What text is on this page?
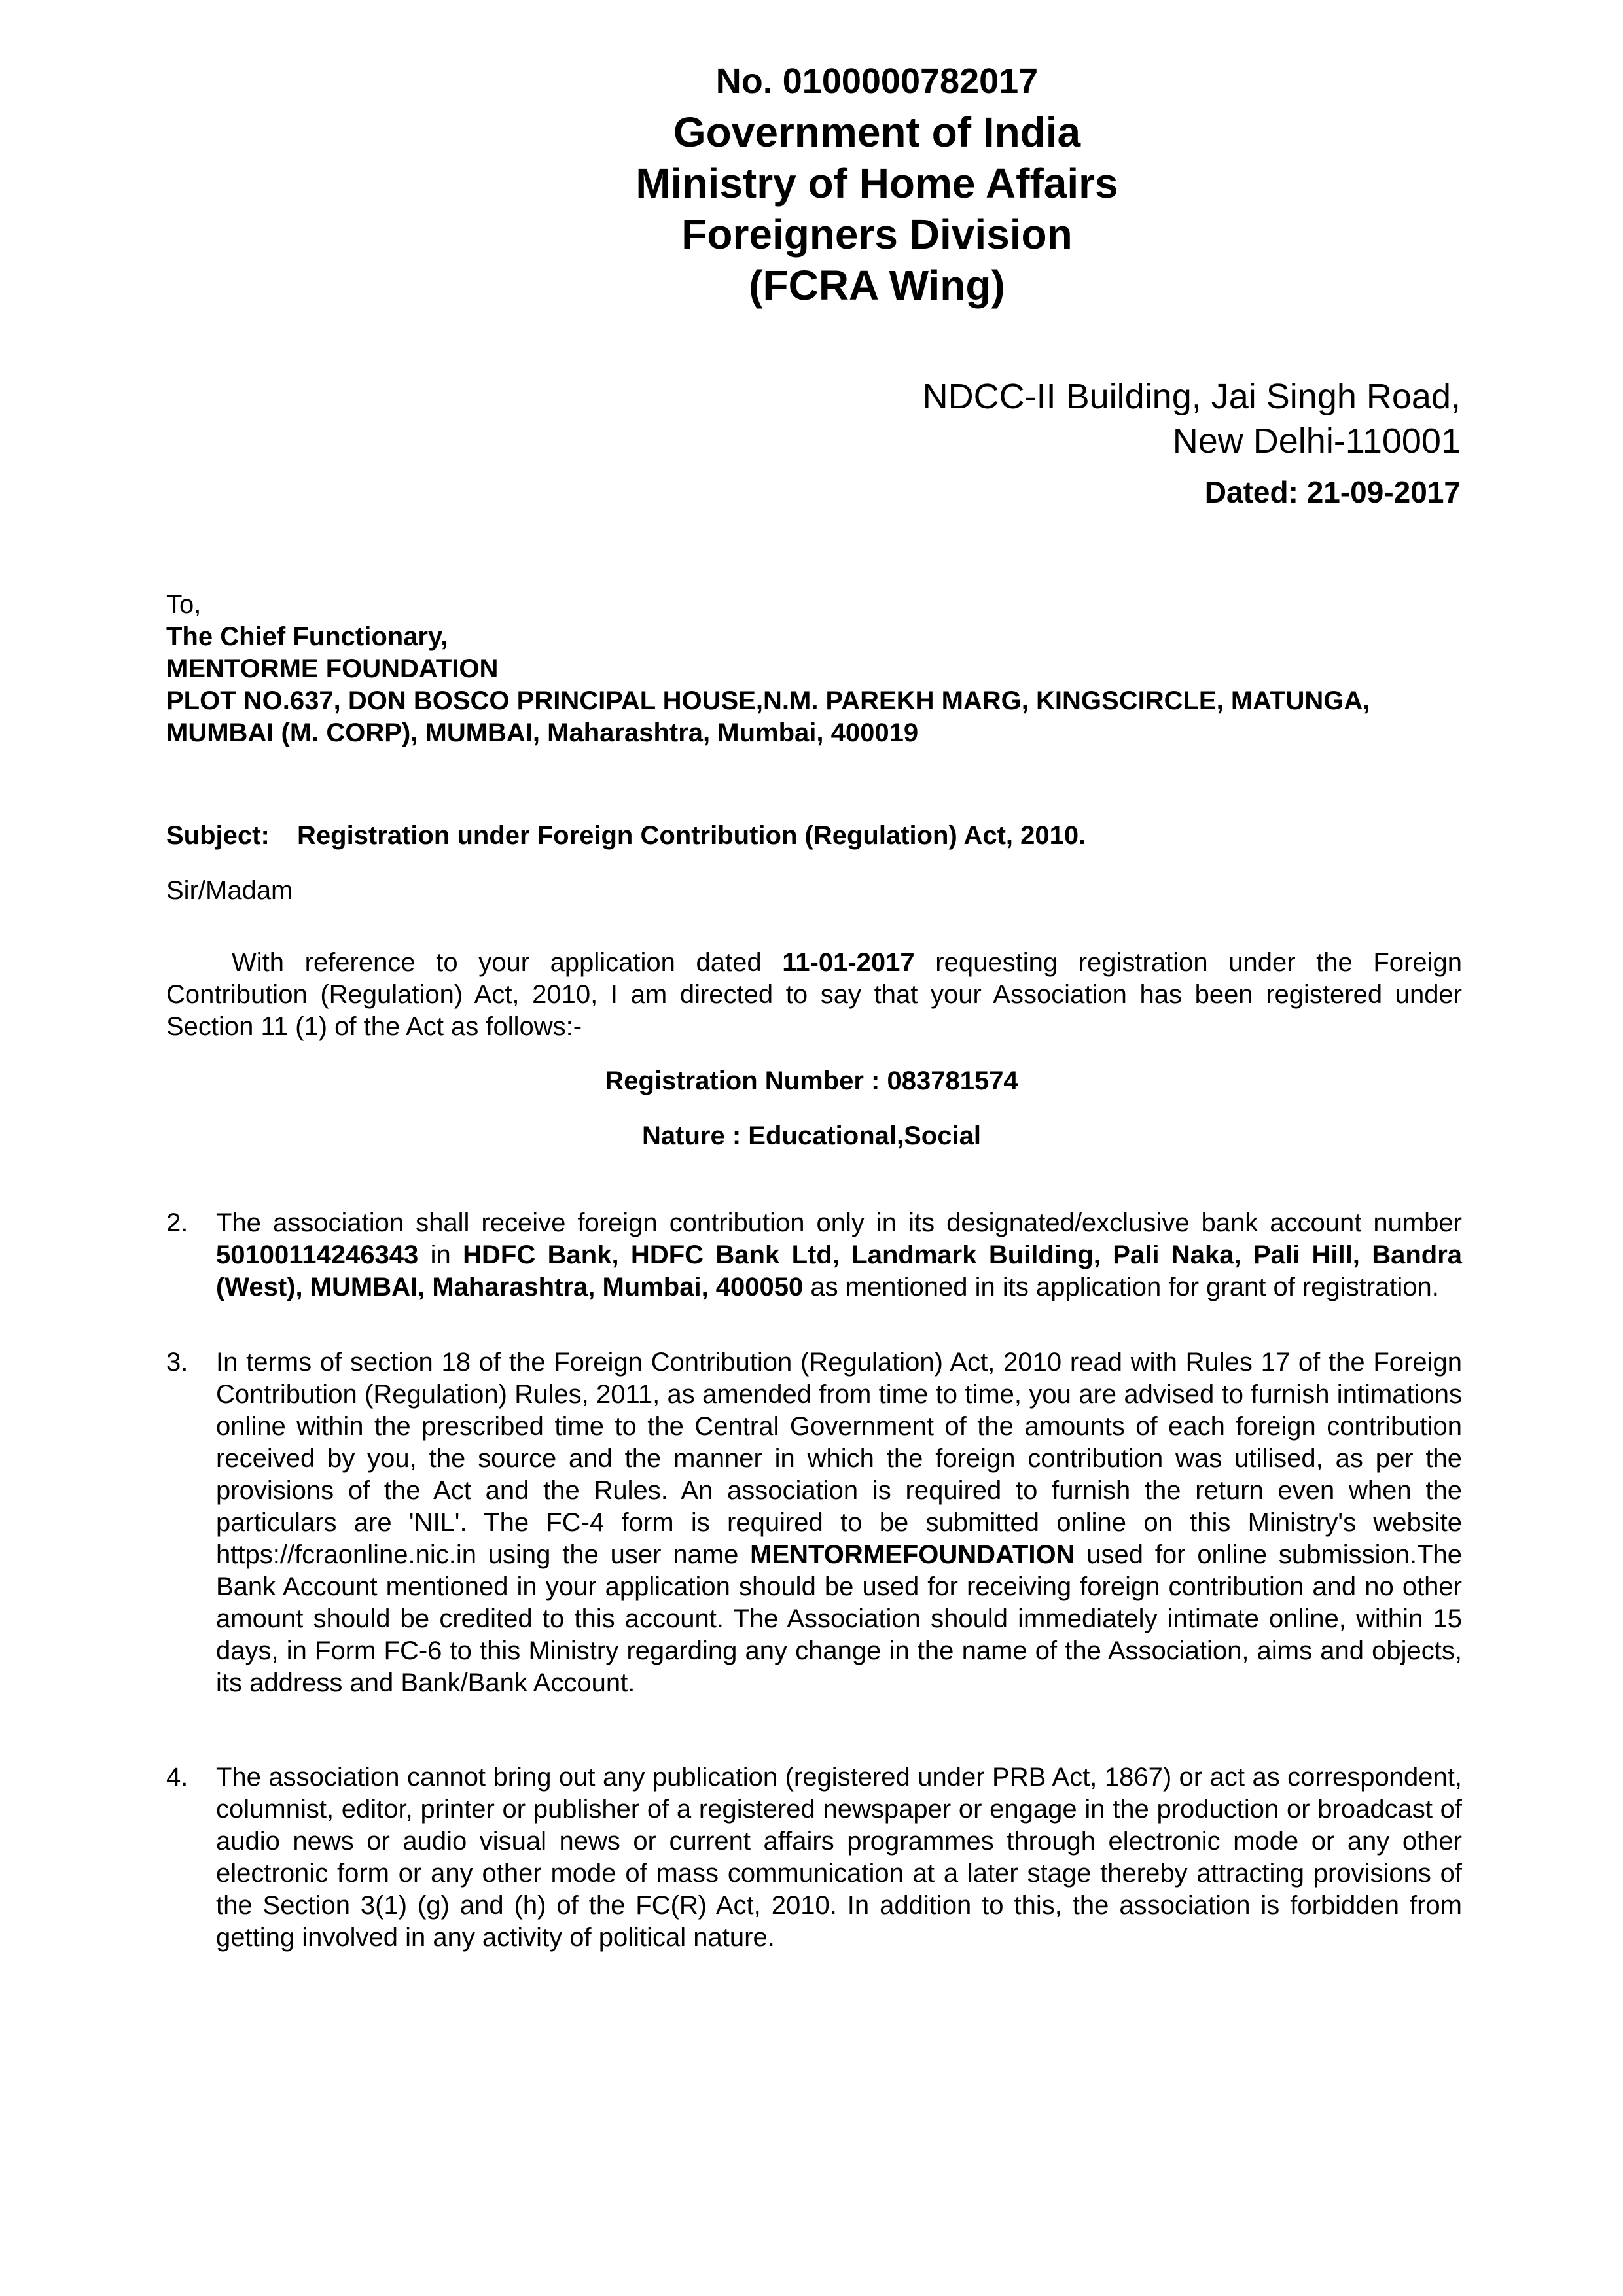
No. 0100000782017
Government of India
Ministry of Home Affairs
Foreigners Division
(FCRA Wing)
NDCC-II Building, Jai Singh Road,
New Delhi-110001
Dated: 21-09-2017
To,
The Chief Functionary,
MENTORME FOUNDATION
PLOT NO.637, DON BOSCO PRINCIPAL HOUSE,N.M. PAREKH MARG, KINGSCIRCLE, MATUNGA,
MUMBAI (M. CORP), MUMBAI, Maharashtra, Mumbai, 400019
Subject: Registration under Foreign Contribution (Regulation) Act, 2010.
Sir/Madam
With reference to your application dated 11-01-2017 requesting registration under the Foreign Contribution (Regulation) Act, 2010, I am directed to say that your Association has been registered under Section 11 (1) of the Act as follows:-
Registration Number : 083781574
Nature : Educational,Social
2. The association shall receive foreign contribution only in its designated/exclusive bank account number 50100114246343 in HDFC Bank, HDFC Bank Ltd, Landmark Building, Pali Naka, Pali Hill, Bandra (West), MUMBAI, Maharashtra, Mumbai, 400050 as mentioned in its application for grant of registration.
3. In terms of section 18 of the Foreign Contribution (Regulation) Act, 2010 read with Rules 17 of the Foreign Contribution (Regulation) Rules, 2011, as amended from time to time, you are advised to furnish intimations online within the prescribed time to the Central Government of the amounts of each foreign contribution received by you, the source and the manner in which the foreign contribution was utilised, as per the provisions of the Act and the Rules. An association is required to furnish the return even when the particulars are 'NIL'. The FC-4 form is required to be submitted online on this Ministry's website https://fcraonline.nic.in using the user name MENTORMEFOUNDATION used for online submission.The Bank Account mentioned in your application should be used for receiving foreign contribution and no other amount should be credited to this account. The Association should immediately intimate online, within 15 days, in Form FC-6 to this Ministry regarding any change in the name of the Association, aims and objects, its address and Bank/Bank Account.
4. The association cannot bring out any publication (registered under PRB Act, 1867) or act as correspondent, columnist, editor, printer or publisher of a registered newspaper or engage in the production or broadcast of audio news or audio visual news or current affairs programmes through electronic mode or any other electronic form or any other mode of mass communication at a later stage thereby attracting provisions of the Section 3(1) (g) and (h) of the FC(R) Act, 2010. In addition to this, the association is forbidden from getting involved in any activity of political nature.
